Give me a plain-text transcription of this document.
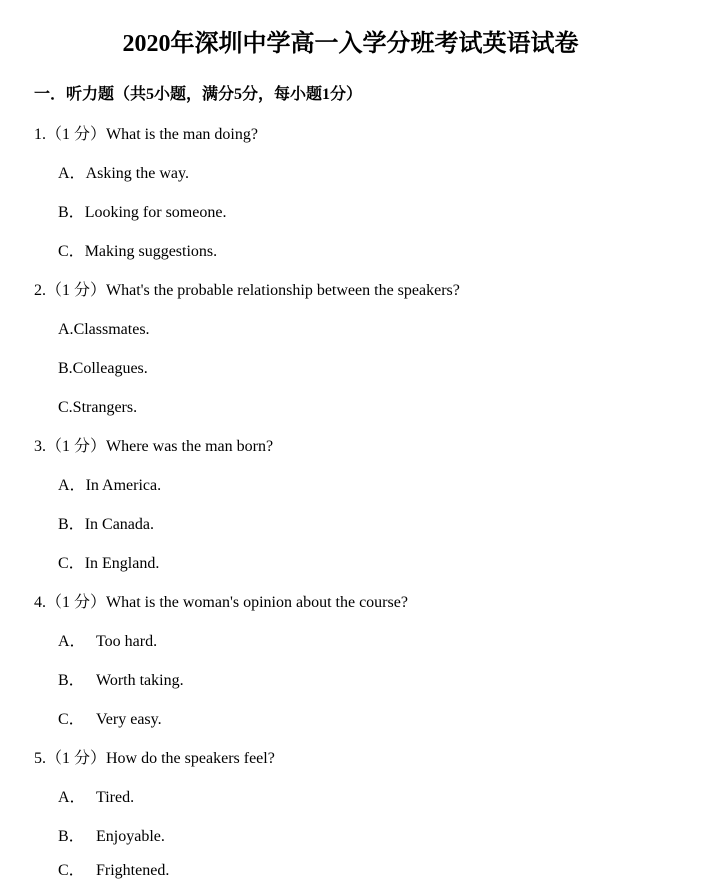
2020年深圳中学高一入学分班考试英语试卷
一．听力题（共5小题，满分5分，每小题1分）
1.（1 分）What is the man doing?
A．Asking the way.
B．Looking for someone.
C．Making suggestions.
2.（1 分）What's the probable relationship between the speakers?
A.Classmates.
B.Colleagues.
C.Strangers.
3.（1 分）Where was the man born?
A．In America.
B．In Canada.
C．In England.
4.（1 分）What is the woman's opinion about the course?
A． Too hard.
B． Worth taking.
C． Very easy.
5.（1 分）How do the speakers feel?
A． Tired.
B． Enjoyable.
C． Frightened.
